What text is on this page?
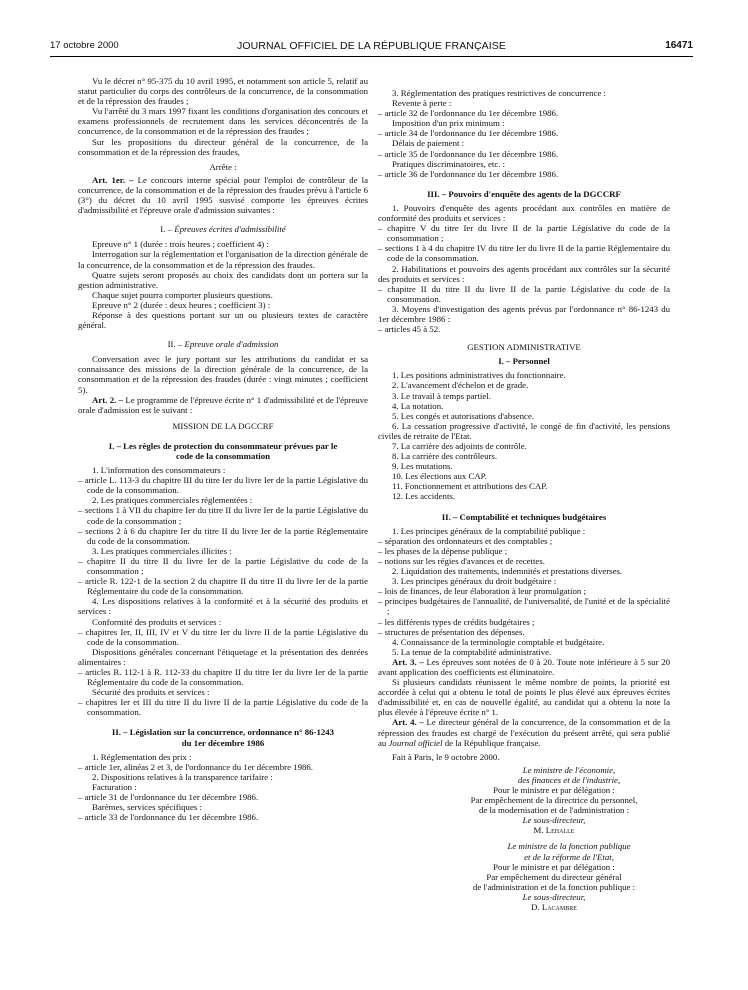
17 octobre 2000	JOURNAL OFFICIEL DE LA RÉPUBLIQUE FRANÇAISE	16471

Vu le décret n° 95-375 du 10 avril 1995, et notamment son article 5, relatif au statut particulier du corps des contrôleurs de la concurrence, de la consommation et de la répression des fraudes ;

Vu l'arrêté du 3 mars 1997 fixant les conditions d'organisation des concours et examens professionnels de recrutement dans les services déconcentrés de la concurrence, de la consommation et de la répression des fraudes ;

Sur les propositions du directeur général de la concurrence, de la consommation et de la répression des fraudes,

Arrête :

Art. 1er. – Le concours interne spécial pour l'emploi de contrôleur de la concurrence, de la consommation et de la répression des fraudes prévu à l'article 6 (3°) du décret du 10 avril 1995 susvisé comporte les épreuves écrites d'admissibilité et l'épreuve orale d'admission suivantes :

I. – Épreuves écrites d'admissibilité

Epreuve n° 1 (durée : trois heures ; coefficient 4) :

Interrogation sur la réglementation et l'organisation de la direction générale de la concurrence, de la consommation et de la répression des fraudes.

Quatre sujets seront proposés au choix des candidats dont un portera sur la gestion administrative.

Chaque sujet pourra comporter plusieurs questions.

Epreuve n° 2 (durée : deux heures ; coefficient 3) :

Réponse à des questions portant sur un ou plusieurs textes de caractère général.

II. – Epreuve orale d'admission

Conversation avec le jury portant sur les attributions du candidat et sa connaissance des missions de la direction générale de la concurrence, de la consommation et de la répression des fraudes (durée : vingt minutes ; coefficient 5).

Art. 2. – Le programme de l'épreuve écrite n° 1 d'admissibilité et de l'épreuve orale d'admission est le suivant :

MISSION DE LA DGCCRF

I. – Les règles de protection du consommateur prévues par le code de la consommation

1. L'information des consommateurs :

– article L. 113-3 du chapitre III du titre Ier du livre Ier de la partie Législative du code de la consommation.

2. Les pratiques commerciales réglementées :

– sections 1 à VII du chapitre Ier du titre II du livre Ier de la partie Législative du code de la consommation ;

– sections 2 à 6 du chapitre Ier du titre II du livre Ier de la partie Réglementaire du code de la consommation.

3. Les pratiques commerciales illicites :

– chapitre II du titre II du livre Ier de la partie Législative du code de la consommation ;

– article R. 122-1 de la section 2 du chapitre II du titre II du livre Ier de la partie Réglementaire du code de la consommation.

4. Les dispositions relatives à la conformité et à la sécurité des produits et services :

Conformité des produits et services :

– chapitres Ier, II, III, IV et V du titre Ier du livre II de la partie Législative du code de la consommation.

Dispositions générales concernant l'étiquetage et la présentation des denrées alimentaires :

– articles R. 112-1 à R. 112-33 du chapitre II du titre Ier du livre Ier de la partie Réglementaire du code de la consommation.

Sécurité des produits et services :

– chapitres Ier et III du titre II du livre II de la partie Législative du code de la consommation.

II. – Législation sur la concurrence, ordonnance n° 86-1243 du 1er décembre 1986

1. Réglementation des prix :

– article 1er, alinéas 2 et 3, de l'ordonnance du 1er décembre 1986.

2. Dispositions relatives à la transparence tarifaire :

Facturation :

– article 31 de l'ordonnance du 1er décembre 1986.

Barèmes, services spécifiques :

– article 33 de l'ordonnance du 1er décembre 1986.

3. Réglementation des pratiques restrictives de concurrence :

Revente à perte :

– article 32 de l'ordonnance du 1er décembre 1986.

Imposition d'un prix minimum :

– article 34 de l'ordonnance du 1er décembre 1986.

Délais de paiement :

– article 35 de l'ordonnance du 1er décembre 1986.

Pratiques discriminatoires, etc. :

– article 36 de l'ordonnance du 1er décembre 1986.

III. – Pouvoirs d'enquête des agents de la DGCCRF

1. Pouvoirs d'enquête des agents procédant aux contrôles en matière de conformité des produits et services :

– chapitre V du titre Ier du livre II de la partie Législative du code de la consommation ;

– sections 1 à 4 du chapitre IV du titre Ier du livre II de la partie Réglementaire du code de la consommation.

2. Habilitations et pouvoirs des agents procédant aux contrôles sur la sécurité des produits et services :

– chapitre II du titre II du livre II de la partie Législative du code de la consommation.

3. Moyens d'investigation des agents prévus par l'ordonnance n° 86-1243 du 1er décembre 1986 :

– articles 45 à 52.

GESTION ADMINISTRATIVE

I. – Personnel

1. Les positions administratives du fonctionnaire.

2. L'avancement d'échelon et de grade.

3. Le travail à temps partiel.

4. La notation.

5. Les congés et autorisations d'absence.

6. La cessation progressive d'activité, le congé de fin d'activité, les pensions civiles de retraite de l'Etat.

7. La carrière des adjoints de contrôle.

8. La carrière des contrôleurs.

9. Les mutations.

10. Les élections aux CAP.

11. Fonctionnement et attributions des CAP.

12. Les accidents.

II. – Comptabilité et techniques budgétaires

1. Les principes généraux de la comptabilité publique :

– séparation des ordonnateurs et des comptables ;

– les phases de la dépense publique ;

– notions sur les régies d'avances et de recettes.

2. Liquidation des traitements, indemnités et prestations diverses.

3. Les principes généraux du droit budgétaire :

– lois de finances, de leur élaboration à leur promulgation ;

– principes budgétaires de l'annualité, de l'universalité, de l'unité et de la spécialité ;

– les différents types de crédits budgétaires ;

– structures de présentation des dépenses.

4. Connaissance de la terminologie comptable et budgétaire.

5. La tenue de la comptabilité administrative.

Art. 3. – Les épreuves sont notées de 0 à 20. Toute note inférieure à 5 sur 20 avant application des coefficients est éliminatoire.

Si plusieurs candidats réunissent le même nombre de points, la priorité est accordée à celui qui a obtenu le total de points le plus élevé aux épreuves écrites d'admissibilité et, en cas de nouvelle égalité, au candidat qui a obtenu la note la plus élevée à l'épreuve écrite n° 1.

Art. 4. – Le directeur général de la concurrence, de la consommation et de la répression des fraudes est chargé de l'exécution du présent arrêté, qui sera publié au Journal officiel de la République française.

Fait à Paris, le 9 octobre 2000.

Le ministre de l'économie,

des finances et de l'industrie,

Pour le ministre et par délégation :

Par empêchement de la directrice du personnel,

de la modernisation et de l'administration :

Le sous-directeur,

M. Lehalle

Le ministre de la fonction publique

et de la réforme de l'Etat,

Pour le ministre et par délégation :

Par empêchement du directeur général

de l'administration et de la fonction publique :

Le sous-directeur,

D. Lacambre
